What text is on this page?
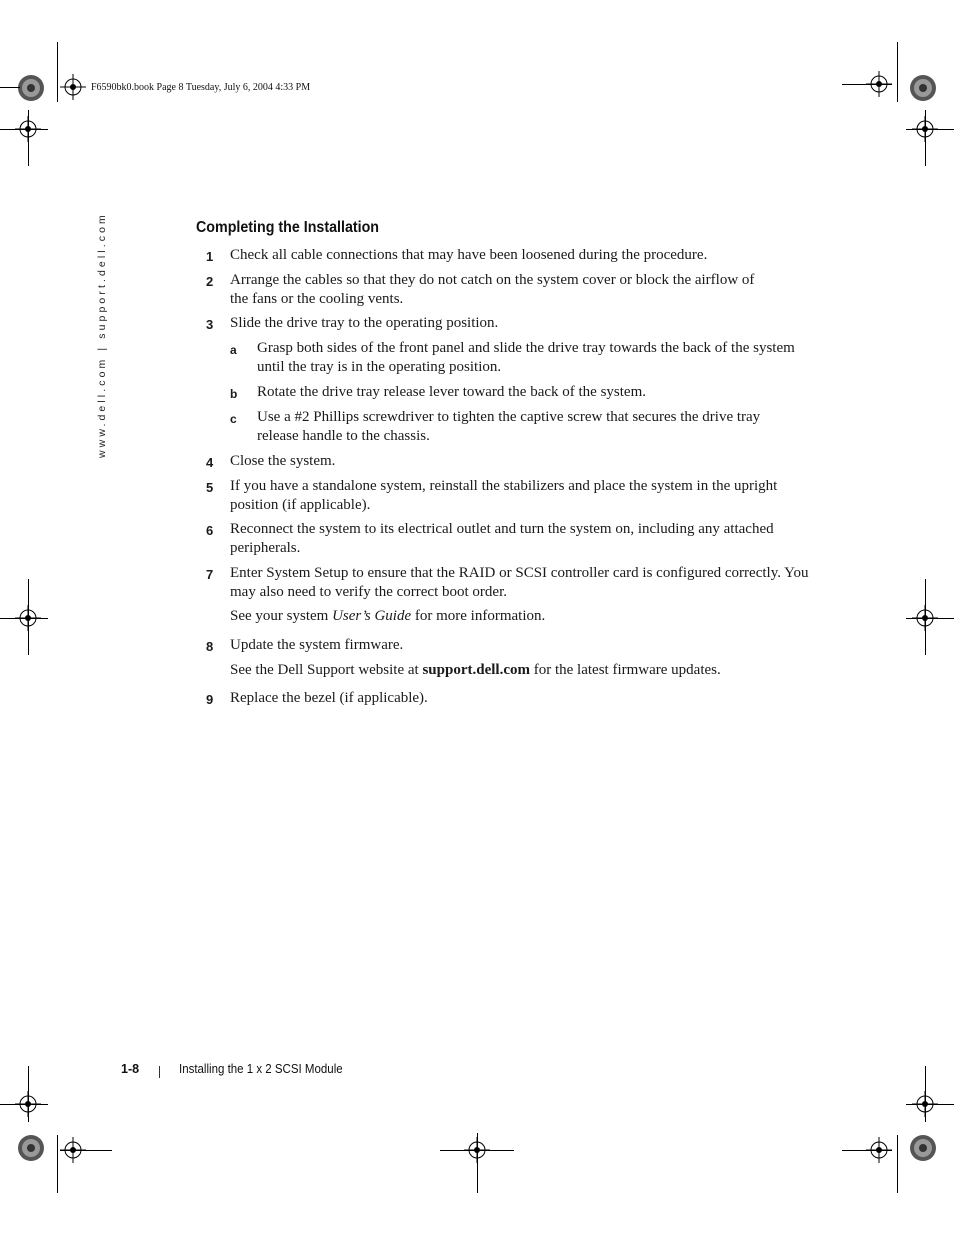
F6590bk0.book Page 8 Tuesday, July 6, 2004 4:33 PM
www.dell.com | support.dell.com	Completing the Installation
1 Check all cable connections that may have been loosened during the procedure.
2 Arrange the cables so that they do not catch on the system cover or block the airflow of the fans or the cooling vents.
3 Slide the drive tray to the operating position.
a Grasp both sides of the front panel and slide the drive tray towards the back of the system until the tray is in the operating position.
b Rotate the drive tray release lever toward the back of the system.
c Use a #2 Phillips screwdriver to tighten the captive screw that secures the drive tray release handle to the chassis.
4 Close the system.
5 If you have a standalone system, reinstall the stabilizers and place the system in the upright position (if applicable).
6 Reconnect the system to its electrical outlet and turn the system on, including any attached peripherals.
7 Enter System Setup to ensure that the RAID or SCSI controller card is configured correctly. You may also need to verify the correct boot order.
See your system User’s Guide for more information.
8 Update the system firmware.
See the Dell Support website at support.dell.com for the latest firmware updates.
9 Replace the bezel (if applicable).
1-8	Installing the 1 x 2 SCSI Module
